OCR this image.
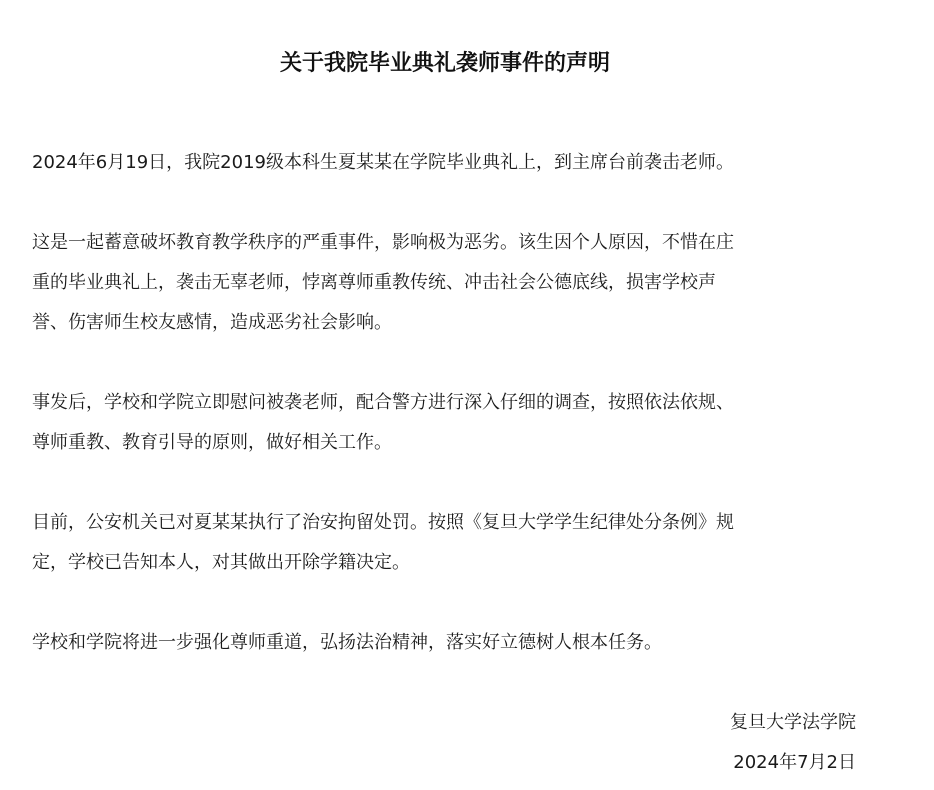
关于我院毕业典礼袭师事件的声明

2024年6月19日，我院2019级本科生夏某某在学院毕业典礼上，到主席台前袭击老师。

这是一起蓄意破坏教育教学秩序的严重事件，影响极为恶劣。该生因个人原因，不惜在庄
重的毕业典礼上，袭击无辜老师，悖离尊师重教传统、冲击社会公德底线，损害学校声
誉、伤害师生校友感情，造成恶劣社会影响。

事发后，学校和学院立即慰问被袭老师，配合警方进行深入仔细的调查，按照依法依规、
尊师重教、教育引导的原则，做好相关工作。

目前，公安机关已对夏某某执行了治安拘留处罚。按照《复旦大学学生纪律处分条例》规
定，学校已告知本人，对其做出开除学籍决定。

学校和学院将进一步强化尊师重道，弘扬法治精神，落实好立德树人根本任务。

复旦大学法学院
2024年7月2日
